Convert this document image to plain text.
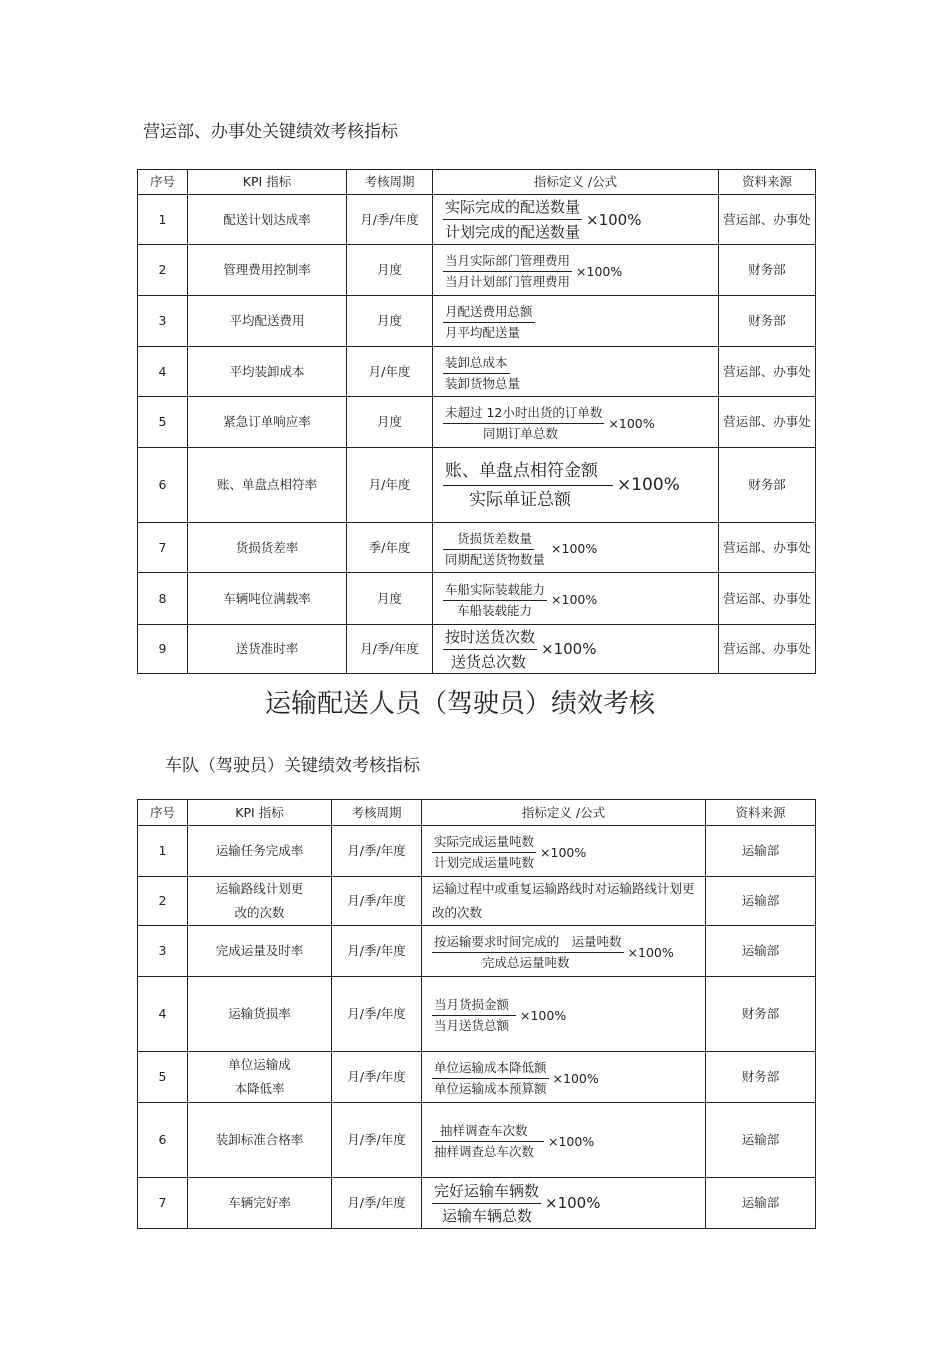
营运部、办事处关键绩效考核指标
序号	KPI 指标	考核周期	指标定义 /公式	资料来源
1	配送计划达成率	月/季/年度	$\frac{\text{实际完成的配送数量}}{\text{计划完成的配送数量}} \times 100\%$	营运部、办事处
2	管理费用控制率	月度	$\frac{\text{当月实际部门管理费用}}{\text{当月计划部门管理费用}} \times 100\%$	财务部
3	平均配送费用	月度	$\frac{\text{月配送费用总额}}{\text{月平均配送量}}$	财务部
4	平均装卸成本	月/年度	$\frac{\text{装卸总成本}}{\text{装卸货物总量}}$	营运部、办事处
5	紧急订单响应率	月度	$\frac{\text{未超过 12小时出货的订单数}}{\text{同期订单总数}} \times 100\%$	营运部、办事处
6	账、单盘点相符率	月/年度	$\frac{\text{账、单盘点相符金额}}{\text{实际单证总额}} \times 100\%$	财务部
7	货损货差率	季/年度	$\frac{\text{货损货差数量}}{\text{同期配送货物数量}} \times 100\%$	营运部、办事处
8	车辆吨位满载率	月度	$\frac{\text{车船实际装载能力}}{\text{车船装载能力}} \times 100\%$	营运部、办事处
9	送货准时率	月/季/年度	$\frac{\text{按时送货次数}}{\text{送货总次数}} \times 100\%$	营运部、办事处
运输配送人员（驾驶员）绩效考核
车队（驾驶员）关键绩效考核指标
序号	KPI 指标	考核周期	指标定义 /公式	资料来源
1	运输任务完成率	月/季/年度	$\frac{\text{实际完成运量吨数}}{\text{计划完成运量吨数}} \times 100\%$	运输部
2	运输路线计划更改的次数	月/季/年度	运输过程中或重复运输路线时对运输路线计划更改的次数	运输部
3	完成运量及时率	月/季/年度	$\frac{\text{按运输要求时间完成的　运量吨数}}{\text{完成总运量吨数}} \times 100\%$	运输部
4	运输货损率	月/季/年度	$\frac{\text{当月货损金额}}{\text{当月送货总额}} \times 100\%$	财务部
5	单位运输成本降低率	月/季/年度	$\frac{\text{单位运输成本降低额}}{\text{单位运输成本预算额}} \times 100\%$	财务部
6	装卸标准合格率	月/季/年度	$\frac{\text{抽样调查车次数}}{\text{抽样调查总车次数}} \times 100\%$	运输部
7	车辆完好率	月/季/年度	$\frac{\text{完好运输车辆数}}{\text{运输车辆总数}} \times 100\%$	运输部
